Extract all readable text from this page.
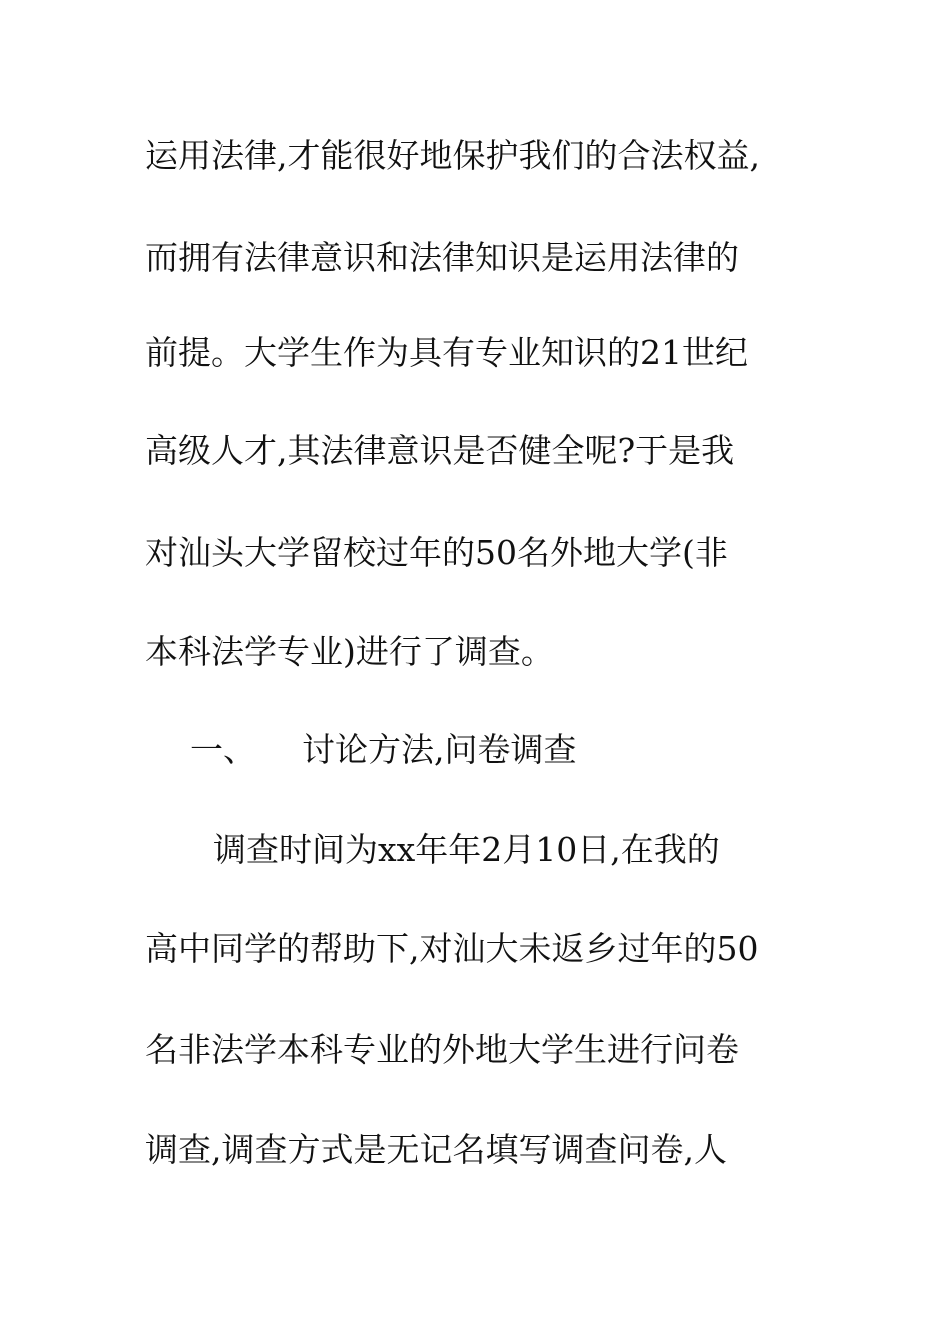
运用法律,才能很好地保护我们的合法权益,
而拥有法律意识和法律知识是运用法律的
前提。大学生作为具有专业知识的21世纪
高级人才,其法律意识是否健全呢?于是我
对汕头大学留校过年的50名外地大学(非
本科法学专业)进行了调查。
一、 讨论方法,问卷调查
调查时间为xx年年2月10日,在我的
高中同学的帮助下,对汕大未返乡过年的50
名非法学本科专业的外地大学生进行问卷
调查,调查方式是无记名填写调查问卷,人
